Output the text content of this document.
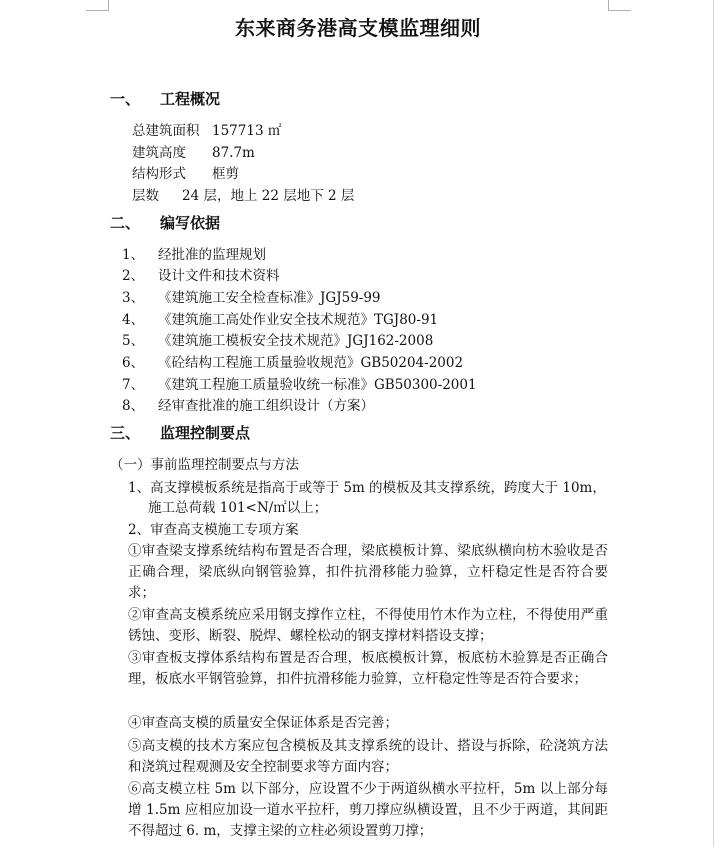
东来商务港高支模监理细则
一、 工程概况
总建筑面积 157713 ㎡
建筑高度 87.7m
结构形式 框剪
层数 24 层，地上 22 层地下 2 层
二、 编写依据
1、 经批准的监理规划
2、 设计文件和技术资料
3、 《建筑施工安全检查标准》JGJ59-99
4、 《建筑施工高处作业安全技术规范》TGJ80-91
5、 《建筑施工模板安全技术规范》JGJ162-2008
6、 《砼结构工程施工质量验收规范》GB50204-2002
7、 《建筑工程施工质量验收统一标准》GB50300-2001
8、 经审查批准的施工组织设计（方案）
三、 监理控制要点
（一）事前监理控制要点与方法
1、高支撑模板系统是指高于或等于 5m 的模板及其支撑系统，跨度大于 10m，
施工总荷载 101<N/㎡以上；
2、审查高支模施工专项方案
①审查梁支撑系统结构布置是否合理，梁底模板计算、梁底纵横向枋木验收是否正确合理，梁底纵向钢管验算，扣件抗滑移能力验算，立杆稳定性是否符合要求；
②审查高支模系统应采用钢支撑作立柱，不得使用竹木作为立柱，不得使用严重锈蚀、变形、断裂、脱焊、螺栓松动的钢支撑材料搭设支撑；
③审查板支撑体系结构布置是否合理，板底模板计算，板底枋木验算是否正确合理，板底水平钢管验算，扣件抗滑移能力验算，立杆稳定性等是否符合要求；
④审查高支模的质量安全保证体系是否完善；
⑤高支模的技术方案应包含模板及其支撑系统的设计、搭设与拆除，砼浇筑方法和浇筑过程观测及安全控制要求等方面内容；
⑥高支模立柱 5m 以下部分，应设置不少于两道纵横水平拉杆，5m 以上部分每增 1.5m 应相应加设一道水平拉杆，剪刀撑应纵横设置，且不少于两道，其间距不得超过 6. m，支撑主梁的立柱必须设置剪刀撑；
